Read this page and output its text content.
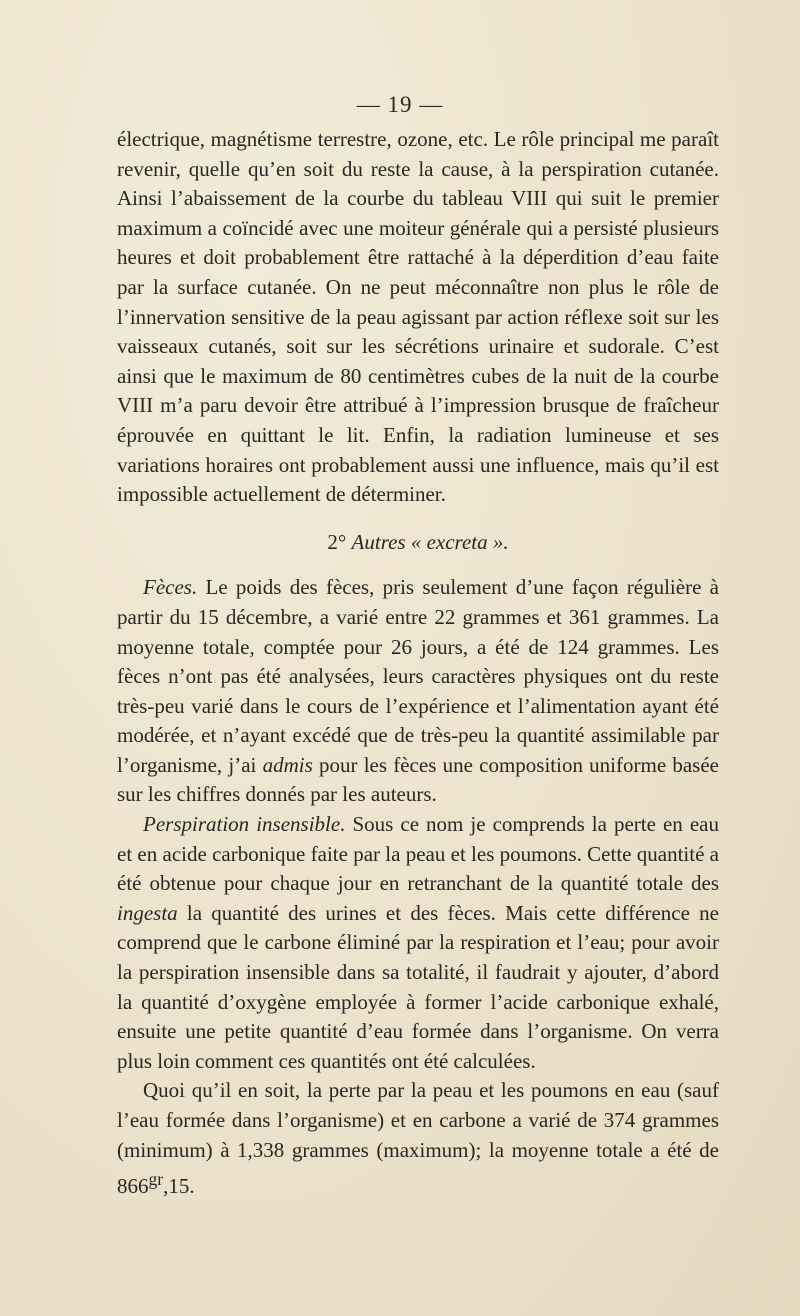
— 19 —

électrique, magnétisme terrestre, ozone, etc. Le rôle principal me paraît revenir, quelle qu’en soit du reste la cause, à la perspiration cutanée. Ainsi l’abaissement de la courbe du tableau VIII qui suit le premier maximum a coïncidé avec une moiteur générale qui a persisté plusieurs heures et doit probablement être rattaché à la déperdition d’eau faite par la surface cutanée. On ne peut méconnaître non plus le rôle de l’innervation sensitive de la peau agissant par action réflexe soit sur les vaisseaux cutanés, soit sur les sécrétions urinaire et sudorale. C’est ainsi que le maximum de 80 centimètres cubes de la nuit de la courbe VIII m’a paru devoir être attribué à l’impression brusque de fraîcheur éprouvée en quittant le lit. Enfin, la radiation lumineuse et ses variations horaires ont probablement aussi une influence, mais qu’il est impossible actuellement de déterminer.

2° Autres « excreta ».

Fèces. Le poids des fèces, pris seulement d’une façon régulière à partir du 15 décembre, a varié entre 22 grammes et 361 grammes. La moyenne totale, comptée pour 26 jours, a été de 124 grammes. Les fèces n’ont pas été analysées, leurs caractères physiques ont du reste très-peu varié dans le cours de l’expérience et l’alimentation ayant été modérée, et n’ayant excédé que de très-peu la quantité assimilable par l’organisme, j’ai admis pour les fèces une composition uniforme basée sur les chiffres donnés par les auteurs.

Perspiration insensible. Sous ce nom je comprends la perte en eau et en acide carbonique faite par la peau et les poumons. Cette quantité a été obtenue pour chaque jour en retranchant de la quantité totale des ingesta la quantité des urines et des fèces. Mais cette différence ne comprend que le carbone éliminé par la respiration et l’eau; pour avoir la perspiration insensible dans sa totalité, il faudrait y ajouter, d’abord la quantité d’oxygène employée à former l’acide carbonique exhalé, ensuite une petite quantité d’eau formée dans l’organisme. On verra plus loin comment ces quantités ont été calculées.

Quoi qu’il en soit, la perte par la peau et les poumons en eau (sauf l’eau formée dans l’organisme) et en carbone a varié de 374 grammes (minimum) à 1,338 grammes (maximum); la moyenne totale a été de $866^{gr},15$.
